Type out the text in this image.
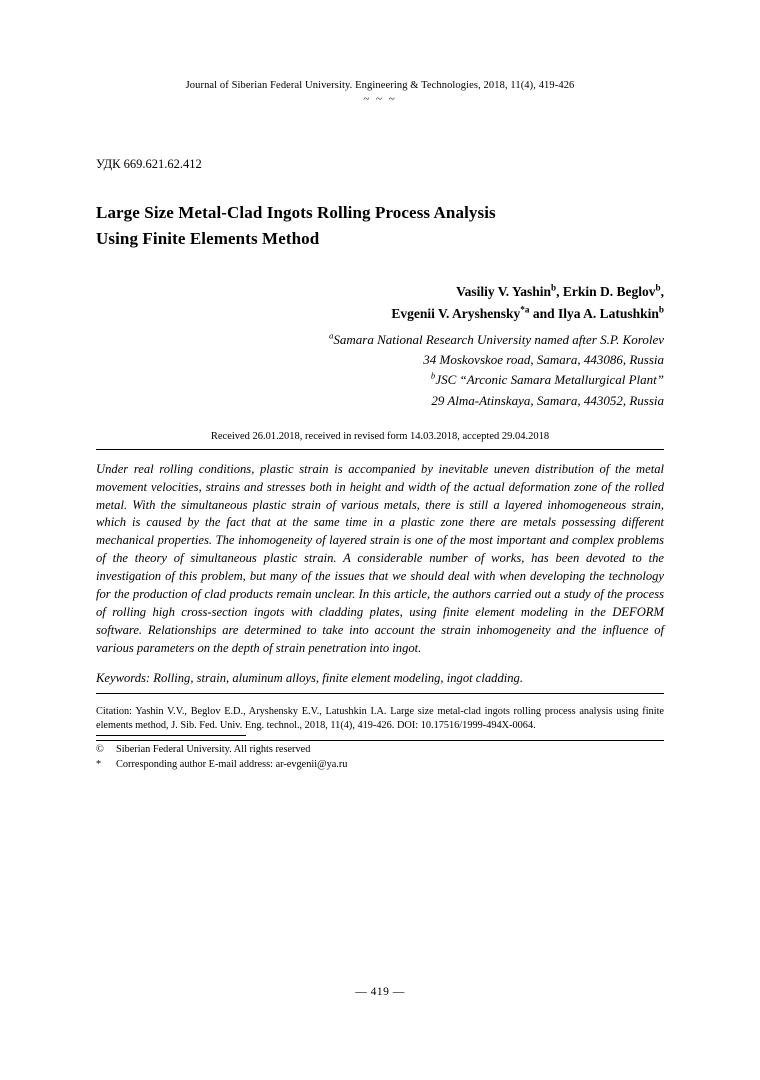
Journal of Siberian Federal University. Engineering & Technologies, 2018, 11(4), 419-426
~ ~ ~
УДК 669.621.62.412
Large Size Metal-Clad Ingots Rolling Process Analysis
Using Finite Elements Method
Vasiliy V. Yashin$^b$, Erkin D. Beglov$^b$,
Evgenii V. Aryshensky$^{*a}$ and Ilya A. Latushkin$^b$
$^a$Samara National Research University named after S.P. Korolev
34 Moskovskoe road, Samara, 443086, Russia
$^b$JSC “Arconic Samara Metallurgical Plant”
29 Alma-Atinskaya, Samara, 443052, Russia
Received 26.01.2018, received in revised form 14.03.2018, accepted 29.04.2018
Under real rolling conditions, plastic strain is accompanied by inevitable uneven distribution of the metal movement velocities, strains and stresses both in height and width of the actual deformation zone of the rolled metal. With the simultaneous plastic strain of various metals, there is still a layered inhomogeneous strain, which is caused by the fact that at the same time in a plastic zone there are metals possessing different mechanical properties. The inhomogeneity of layered strain is one of the most important and complex problems of the theory of simultaneous plastic strain. A considerable number of works, has been devoted to the investigation of this problem, but many of the issues that we should deal with when developing the technology for the production of clad products remain unclear. In this article, the authors carried out a study of the process of rolling high cross-section ingots with cladding plates, using finite element modeling in the DEFORM software. Relationships are determined to take into account the strain inhomogeneity and the influence of various parameters on the depth of strain penetration into ingot.
Keywords: Rolling, strain, aluminum alloys, finite element modeling, ingot cladding.
Citation: Yashin V.V., Beglov E.D., Aryshensky E.V., Latushkin I.A. Large size metal-clad ingots rolling process analysis using finite elements method, J. Sib. Fed. Univ. Eng. technol., 2018, 11(4), 419-426. DOI: 10.17516/1999-494X-0064.
© Siberian Federal University. All rights reserved
* Corresponding author E-mail address: ar-evgenii@ya.ru
— 419 —
